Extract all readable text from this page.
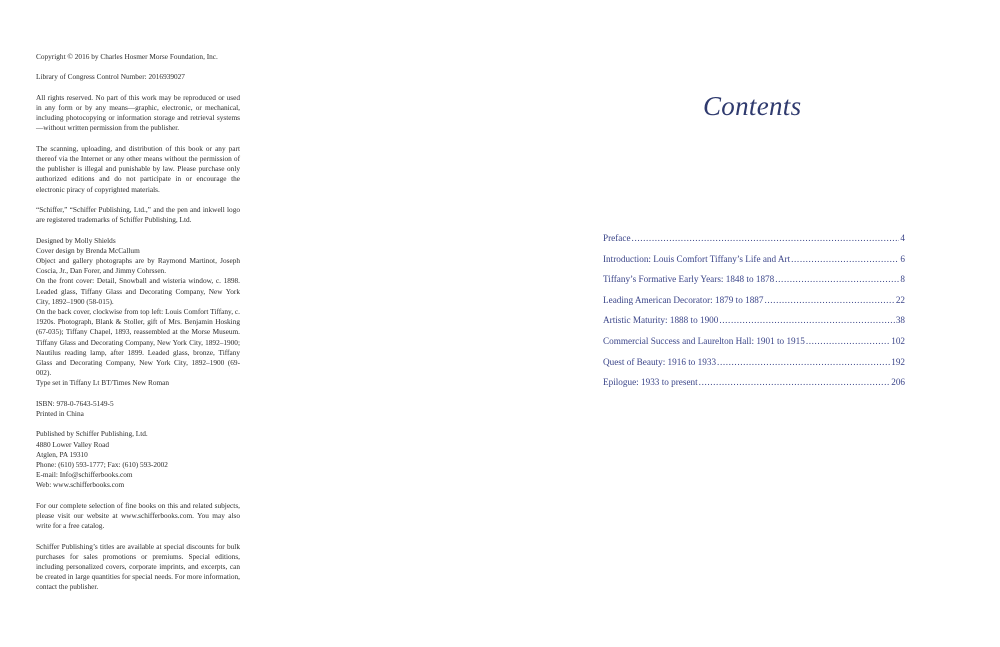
Copyright © 2016 by Charles Hosmer Morse Foundation, Inc.

Library of Congress Control Number: 2016939027

All rights reserved. No part of this work may be reproduced or used in any form or by any means—graphic, electronic, or mechanical, including photocopying or information storage and retrieval systems—without written permission from the publisher.

The scanning, uploading, and distribution of this book or any part thereof via the Internet or any other means without the permission of the publisher is illegal and punishable by law. Please purchase only authorized editions and do not participate in or encourage the electronic piracy of copyrighted materials.

“Schiffer,” “Schiffer Publishing, Ltd.,” and the pen and inkwell logo are registered trademarks of Schiffer Publishing, Ltd.

Designed by Molly Shields
Cover design by Brenda McCallum
Object and gallery photographs are by Raymond Martinot, Joseph Coscia, Jr., Dan Forer, and Jimmy Cohrssen.
On the front cover: Detail, Snowball and wisteria window, c. 1898. Leaded glass, Tiffany Glass and Decorating Company, New York City, 1892–1900 (58-015).
On the back cover, clockwise from top left: Louis Comfort Tiffany, c. 1920s. Photograph, Blank & Stoller, gift of Mrs. Benjamin Hosking (67-035); Tiffany Chapel, 1893, reassembled at the Morse Museum. Tiffany Glass and Decorating Company, New York City, 1892–1900; Nautilus reading lamp, after 1899. Leaded glass, bronze, Tiffany Glass and Decorating Company, New York City, 1892–1900 (69-002).
Type set in Tiffany Lt BT/Times New Roman
ISBN: 978-0-7643-5149-5
Printed in China
Published by Schiffer Publishing, Ltd.
4880 Lower Valley Road
Atglen, PA 19310
Phone: (610) 593-1777; Fax: (610) 593-2002
E-mail: Info@schifferbooks.com
Web: www.schifferbooks.com

For our complete selection of fine books on this and related subjects, please visit our website at www.schifferbooks.com. You may also write for a free catalog.

Schiffer Publishing’s titles are available at special discounts for bulk purchases for sales promotions or premiums. Special editions, including personalized covers, corporate imprints, and excerpts, can be created in large quantities for special needs. For more information, contact the publisher.

Contents
Preface .....	4
Introduction: Louis Comfort Tiffany’s Life and Art .....	6
Tiffany’s Formative Early Years: 1848 to 1878 .....	8
Leading American Decorator: 1879 to 1887 .....	22
Artistic Maturity: 1888 to 1900 .....	38
Commercial Success and Laurelton Hall: 1901 to 1915 .....	102
Quest of Beauty: 1916 to 1933 .....	192
Epilogue: 1933 to present .....	206
